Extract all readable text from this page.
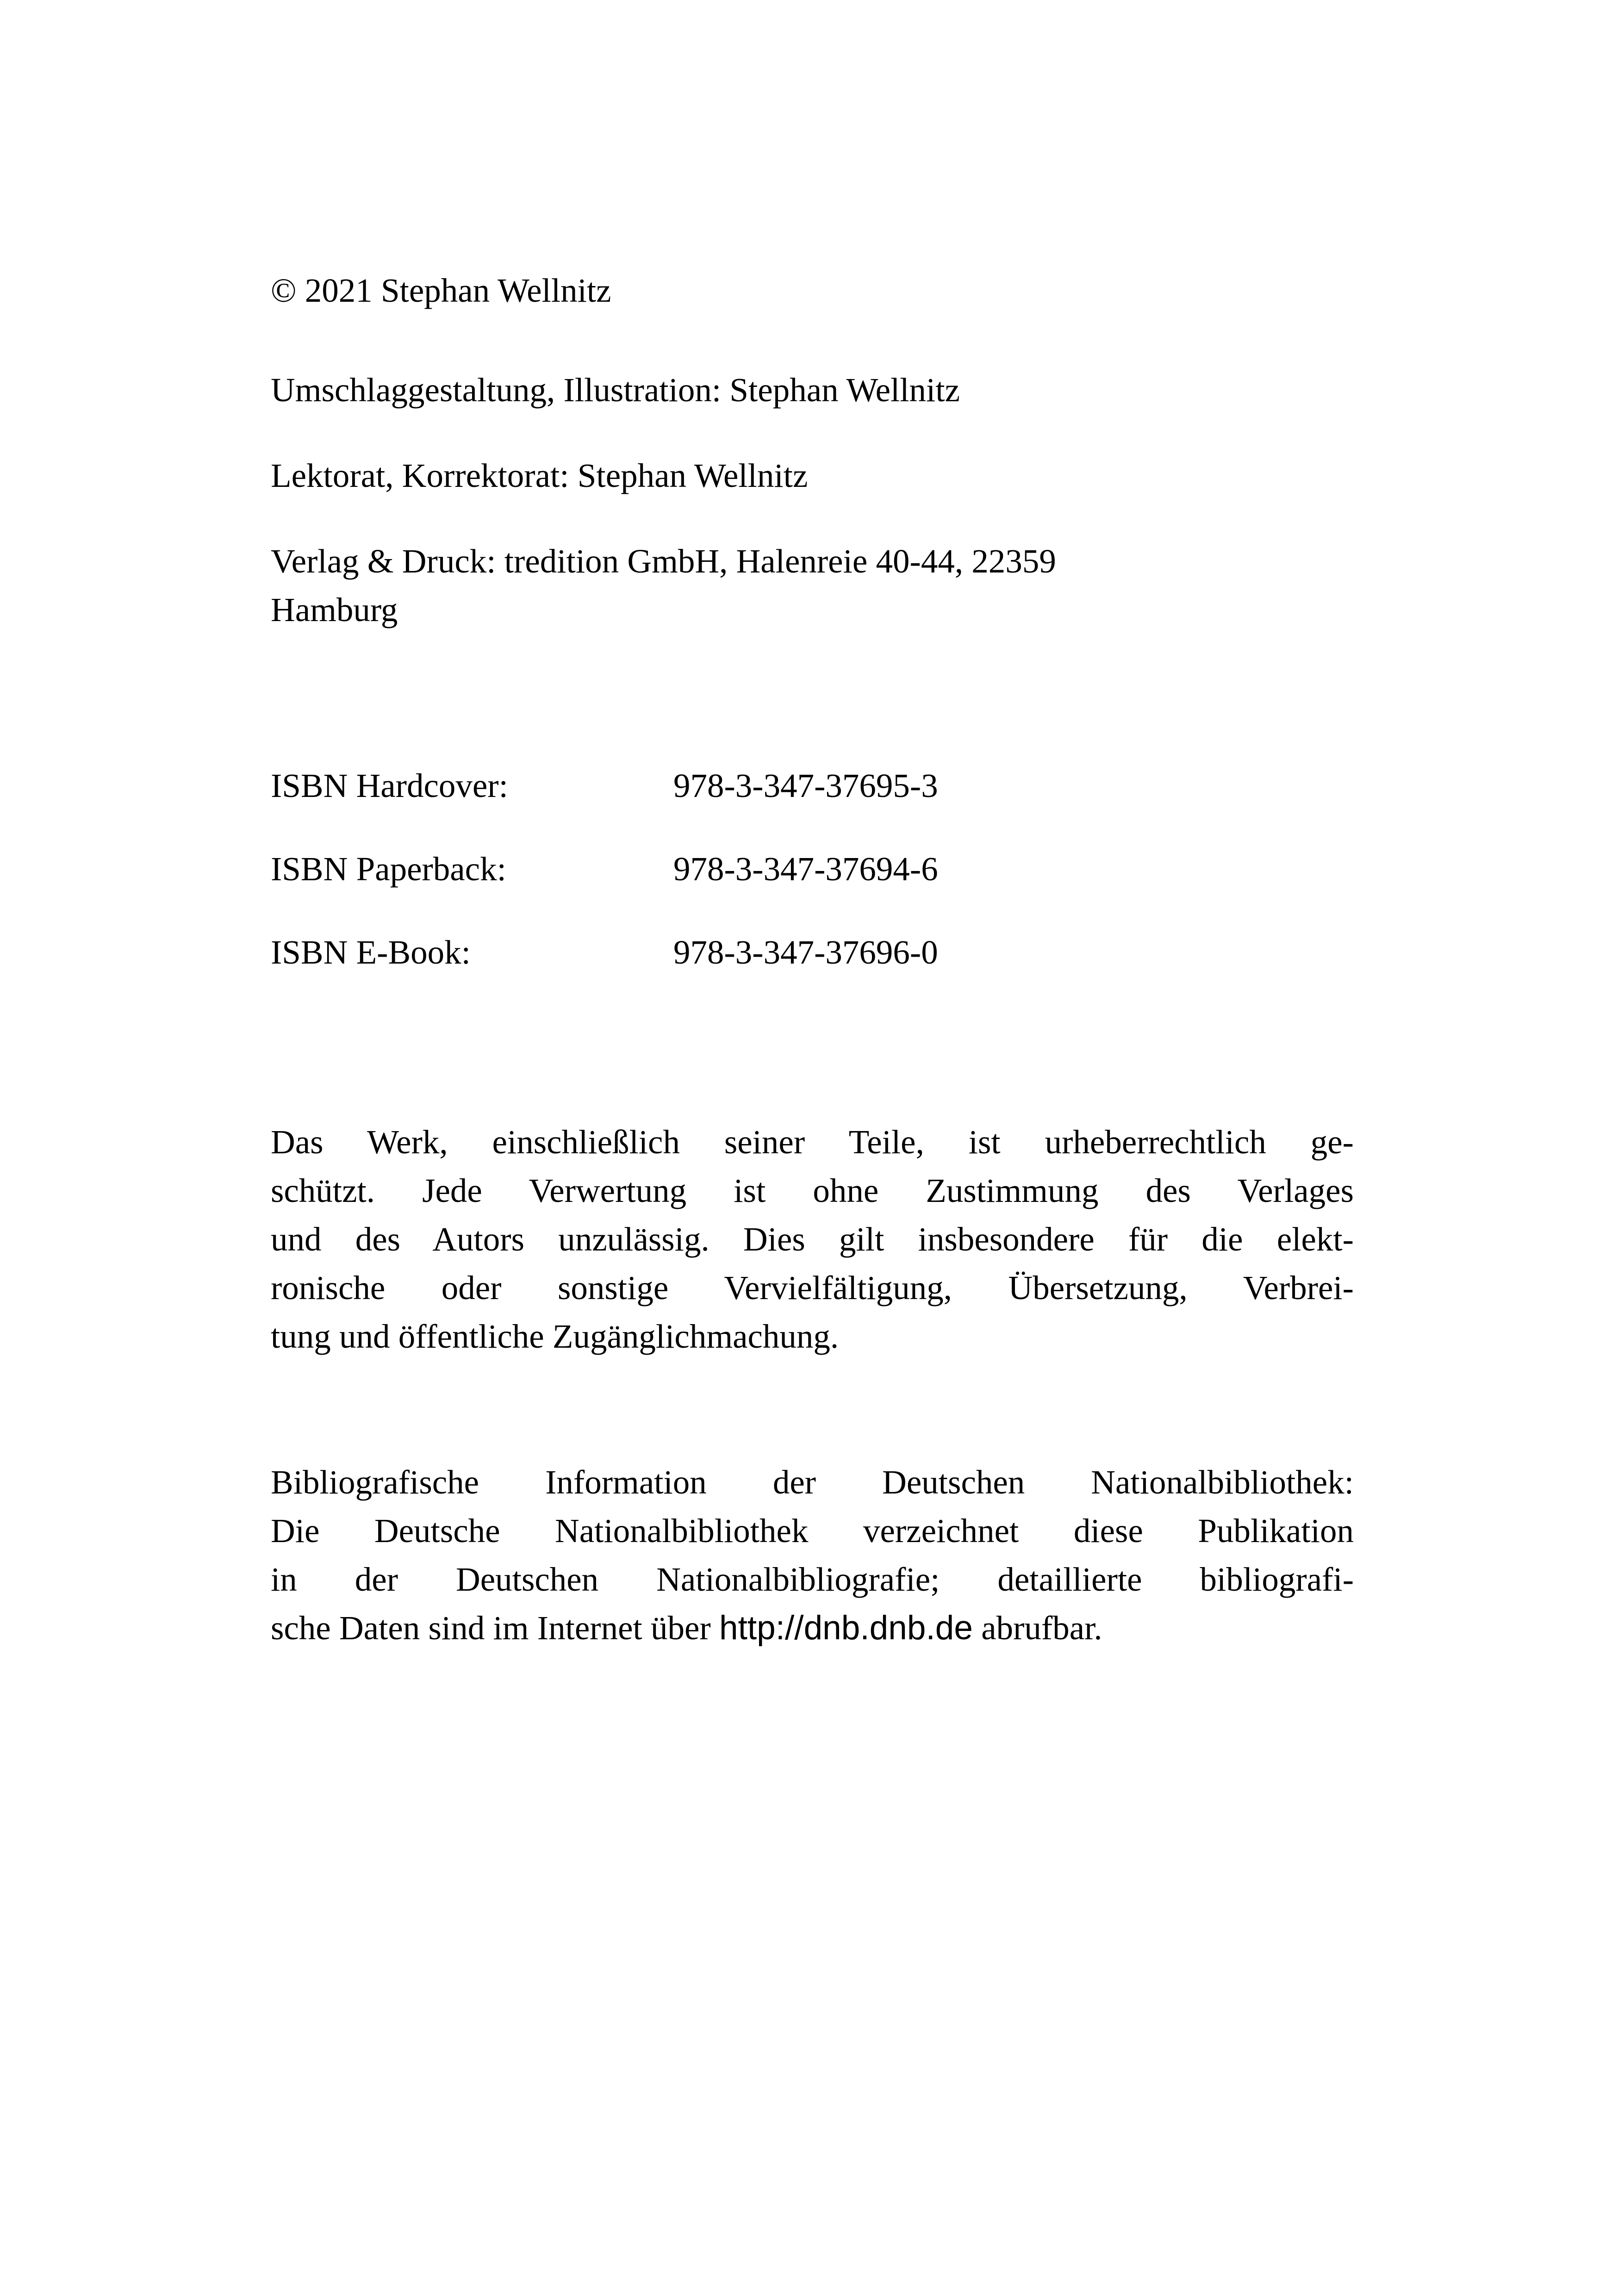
© 2021 Stephan Wellnitz
Umschlaggestaltung, Illustration: Stephan Wellnitz
Lektorat, Korrektorat: Stephan Wellnitz
Verlag & Druck: tredition GmbH, Halenreie 40-44, 22359
Hamburg
ISBN Hardcover:	978-3-347-37695-3
ISBN Paperback:	978-3-347-37694-6
ISBN E-Book:	978-3-347-37696-0
Das Werk, einschließlich seiner Teile, ist urheberrechtlich ge-
schützt. Jede Verwertung ist ohne Zustimmung des Verlages
und des Autors unzulässig. Dies gilt insbesondere für die elekt-
ronische oder sonstige Vervielfältigung, Übersetzung, Verbrei-
tung und öffentliche Zugänglichmachung.
Bibliografische Information der Deutschen Nationalbibliothek:
Die Deutsche Nationalbibliothek verzeichnet diese Publikation
in der Deutschen Nationalbibliografie; detaillierte bibliografi-
sche Daten sind im Internet über http://dnb.dnb.de abrufbar.
